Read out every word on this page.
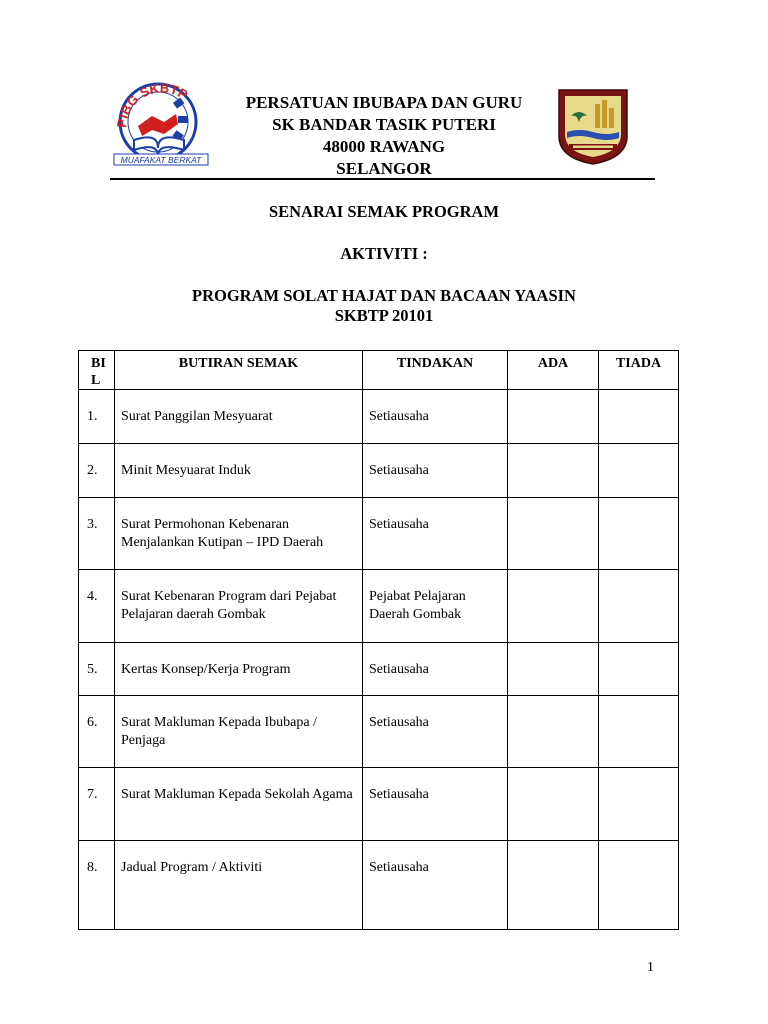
PIBG SKBTP
MUAFAKAT BERKAT
PERSATUAN IBUBAPA DAN GURU
SK BANDAR TASIK PUTERI
48000 RAWANG
SELANGOR
SENARAI SEMAK PROGRAM
AKTIVITI :
PROGRAM SOLAT HAJAT DAN BACAAN YAASIN
SKBTP 20101
BI L	BUTIRAN SEMAK	TINDAKAN	ADA	TIADA
1.	Surat Panggilan Mesyuarat	Setiausaha		
2.	Minit Mesyuarat Induk	Setiausaha		
3.	Surat Permohonan Kebenaran Menjalankan Kutipan – IPD Daerah	Setiausaha		
4.	Surat Kebenaran Program dari Pejabat Pelajaran daerah Gombak	Pejabat Pelajaran Daerah Gombak		
5.	Kertas Konsep/Kerja Program	Setiausaha		
6.	Surat Makluman Kepada Ibubapa / Penjaga	Setiausaha		
7.	Surat Makluman Kepada Sekolah Agama	Setiausaha		
8.	Jadual Program / Aktiviti	Setiausaha		
1
